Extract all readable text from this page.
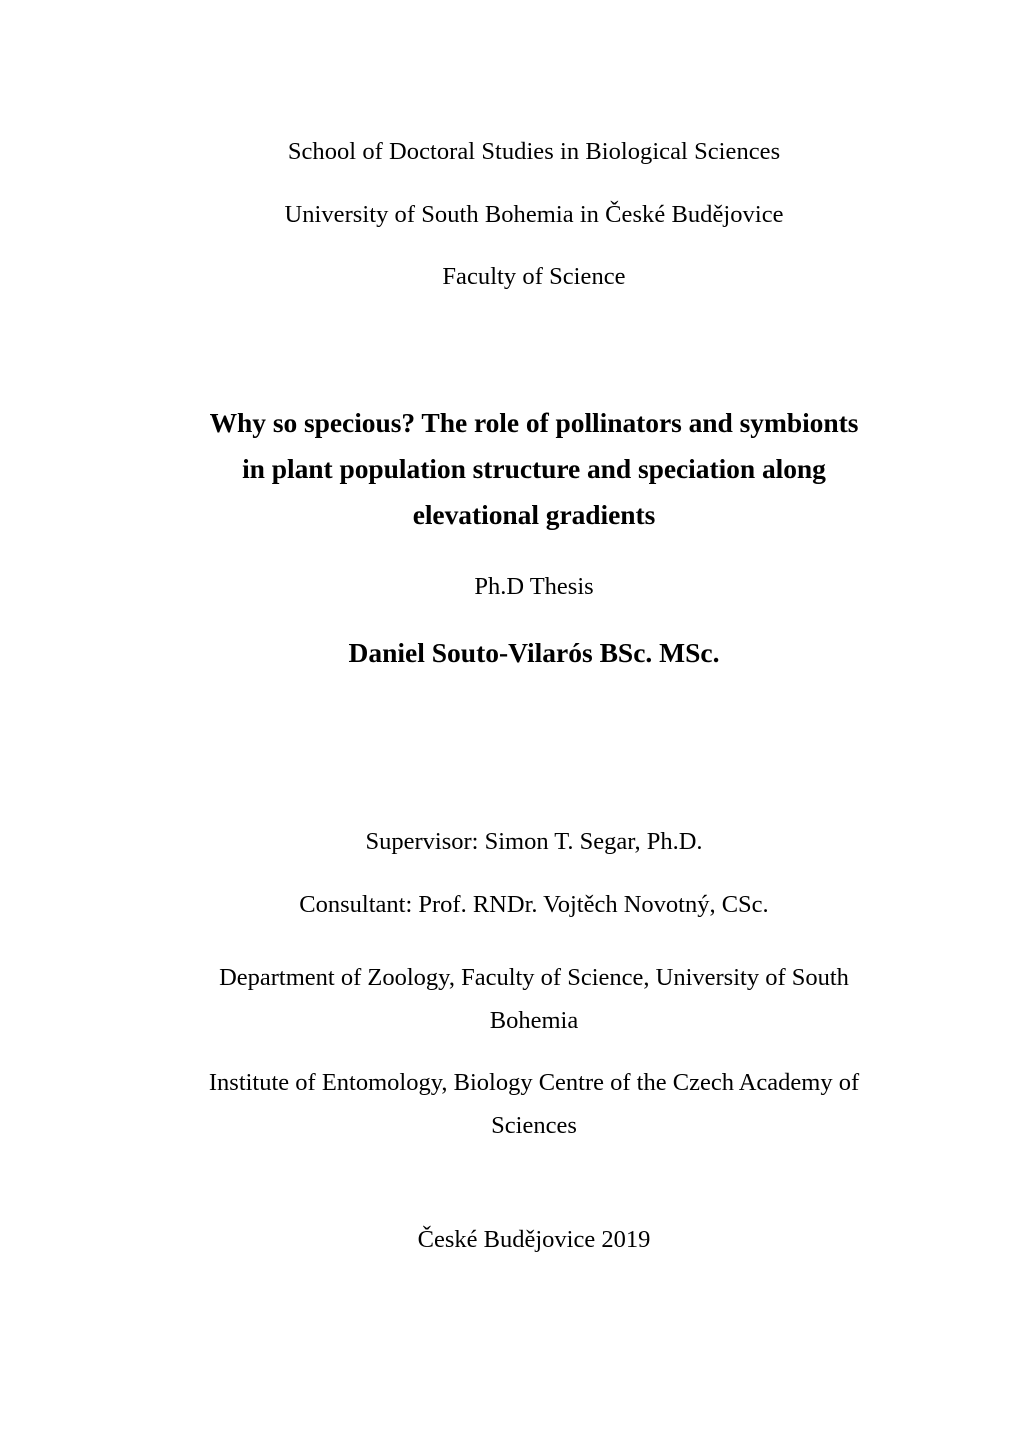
School of Doctoral Studies in Biological Sciences

University of South Bohemia in České Budějovice

Faculty of Science

Why so specious? The role of pollinators and symbionts
in plant population structure and speciation along
elevational gradients

Ph.D Thesis

Daniel Souto-Vilarós BSc. MSc.

Supervisor: Simon T. Segar, Ph.D.

Consultant: Prof. RNDr. Vojtěch Novotný, CSc.

Department of Zoology, Faculty of Science, University of South Bohemia

Institute of Entomology, Biology Centre of the Czech Academy of Sciences

České Budějovice 2019
